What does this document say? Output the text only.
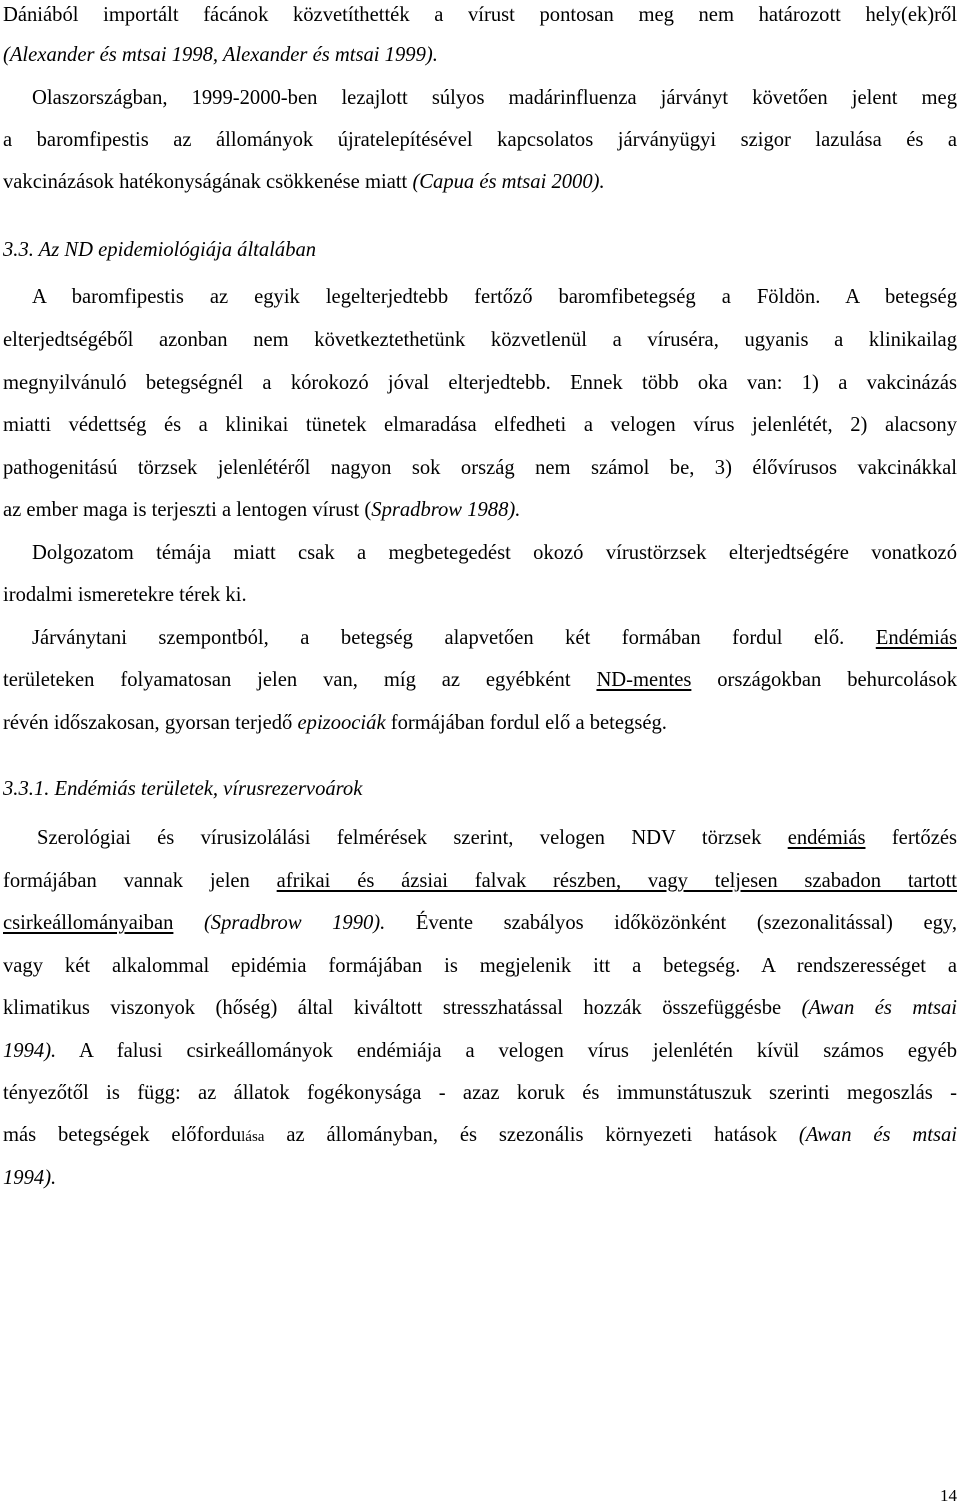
Dániából importált fácánok közvetíthették a vírust pontosan meg nem határozott hely(ek)ről
(Alexander és mtsai 1998, Alexander és mtsai 1999).
Olaszországban, 1999-2000-ben lezajlott súlyos madárinfluenza járványt követően jelent meg
a baromfipestis az állományok újratelepítésével kapcsolatos járványügyi szigor lazulása és a
vakcinázások hatékonyságának csökkenése miatt (Capua és mtsai 2000).
3.3. Az ND epidemiológiája általában
A baromfipestis az egyik legelterjedtebb fertőző baromfibetegség a Földön. A betegség
elterjedtségéből azonban nem következtethetünk közvetlenül a víruséra, ugyanis a klinikailag
megnyilvánuló betegségnél a kórokozó jóval elterjedtebb. Ennek több oka van: 1) a vakcinázás
miatti védettség és a klinikai tünetek elmaradása elfedheti a velogen vírus jelenlétét, 2) alacsony
pathogenitású törzsek jelenlétéről nagyon sok ország nem számol be, 3) élővírusos vakcinákkal
az ember maga is terjeszti a lentogen vírust (Spradbrow 1988).
Dolgozatom témája miatt csak a megbetegedést okozó vírustörzsek elterjedtségére vonatkozó
irodalmi ismeretekre térek ki.
Járványtani szempontból, a betegség alapvetően két formában fordul elő. Endémiás
területeken folyamatosan jelen van, míg az egyébként ND-mentes országokban behurcolások
révén időszakosan, gyorsan terjedő epizoociák formájában fordul elő a betegség.
3.3.1. Endémiás területek, vírusrezervoárok
Szerológiai és vírusizolálási felmérések szerint, velogen NDV törzsek endémiás fertőzés
formájában vannak jelen afrikai és ázsiai falvak részben, vagy teljesen szabadon tartott
csirkeállományaiban (Spradbrow 1990). Évente szabályos időközönként (szezonalitással) egy,
vagy két alkalommal epidémia formájában is megjelenik itt a betegség. A rendszerességet a
klimatikus viszonyok (hőség) által kiváltott stresszhatással hozzák összefüggésbe (Awan és mtsai
1994). A falusi csirkeállományok endémiája a velogen vírus jelenlétén kívül számos egyéb
tényezőtől is függ: az állatok fogékonysága - azaz koruk és immunstátuszuk szerinti megoszlás -
más betegségek előfordulása az állományban, és szezonális környezeti hatások (Awan és mtsai
1994).
14
